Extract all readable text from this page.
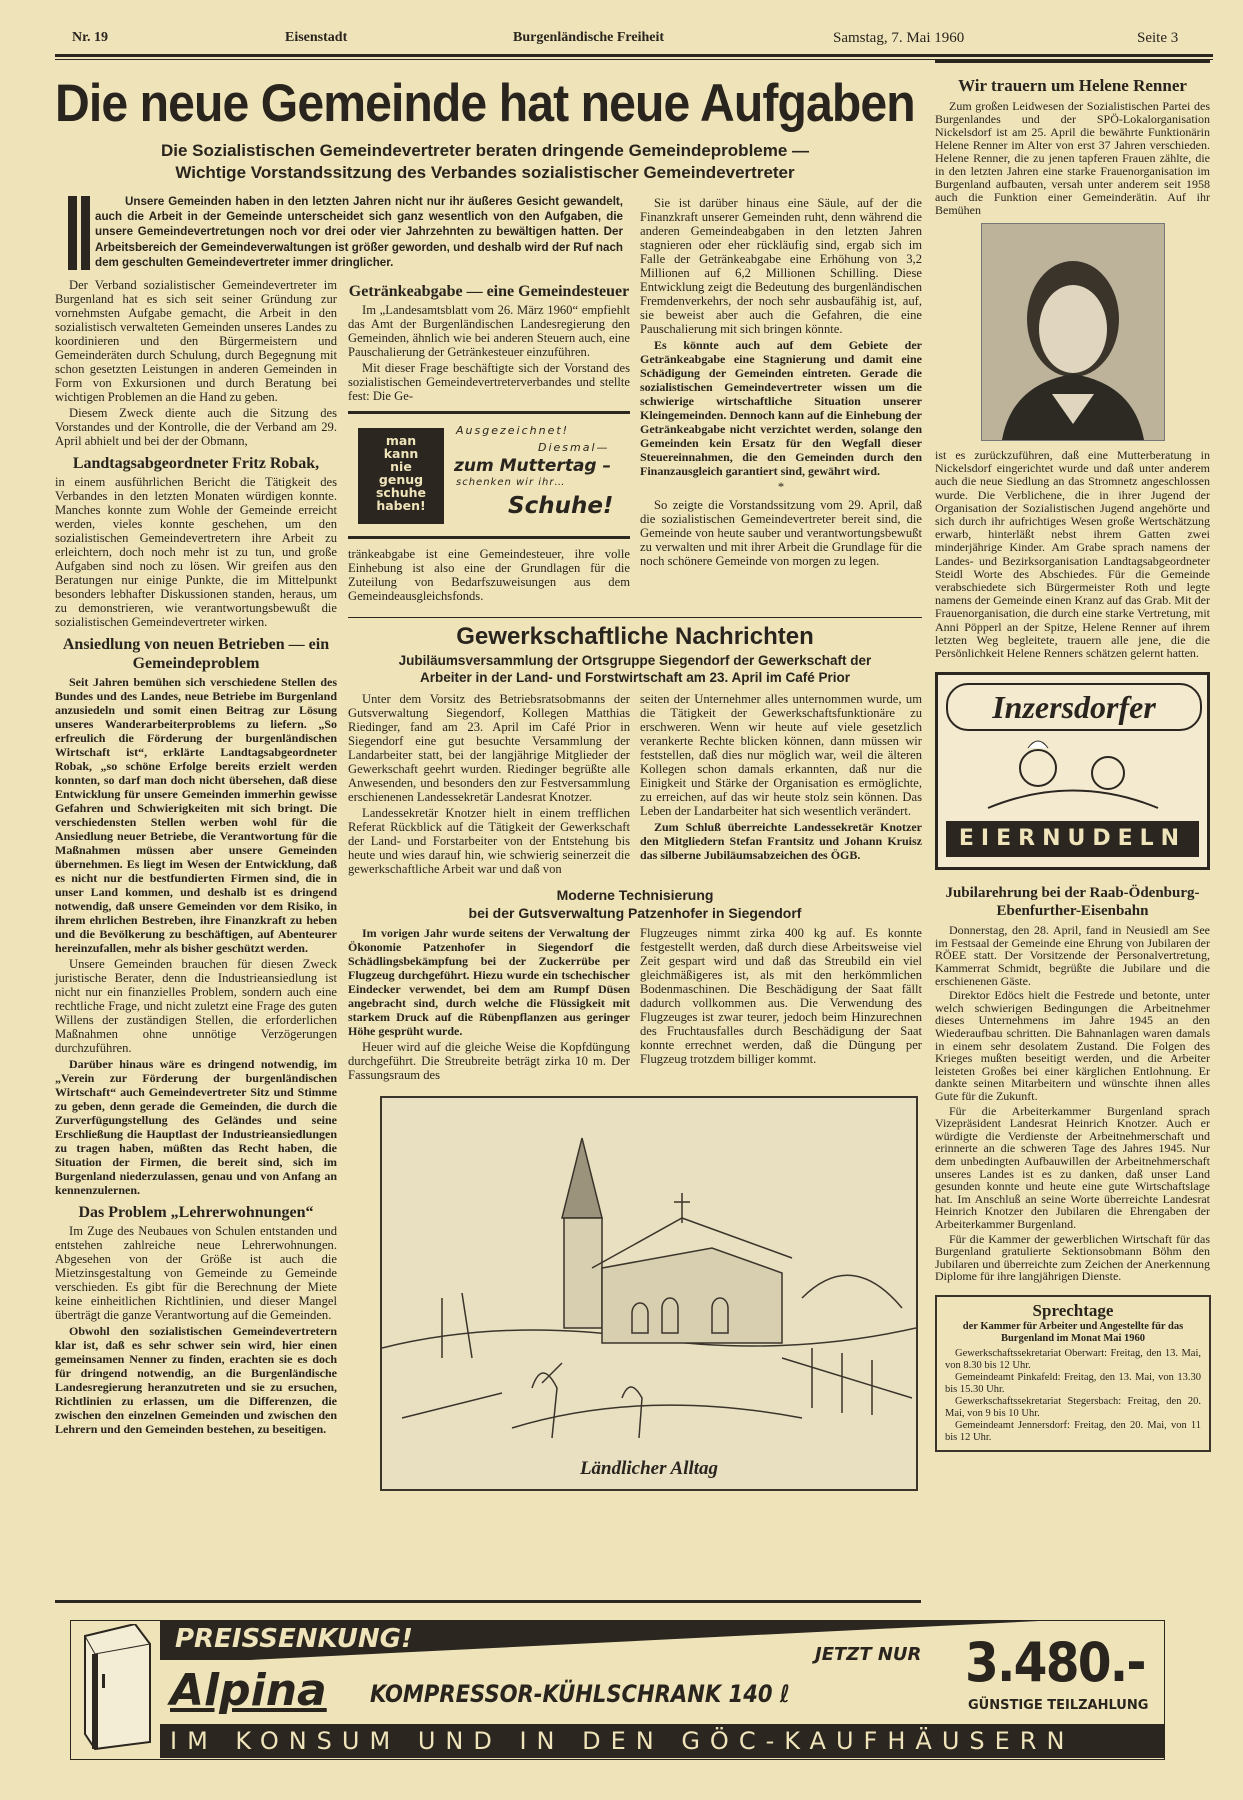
Nr. 19	Eisenstadt	Burgenländische Freiheit	Samstag, 7. Mai 1960	Seite 3
Die neue Gemeinde hat neue Aufgaben
Die Sozialistischen Gemeindevertreter beraten dringende Gemeindeprobleme —
Wichtige Vorstandssitzung des Verbandes sozialistischer Gemeindevertreter
Unsere Gemeinden haben in den letzten Jahren nicht nur ihr äußeres Gesicht gewandelt, auch die Arbeit in der Gemeinde unterscheidet sich ganz wesentlich von den Aufgaben, die unsere Gemeindevertretungen noch vor drei oder vier Jahrzehnten zu bewältigen hatten. Der Arbeitsbereich der Gemeindeverwaltungen ist größer geworden, und deshalb wird der Ruf nach dem geschulten Gemeindevertreter immer dringlicher.

Der Verband sozialistischer Gemeindevertreter im Burgenland hat es sich seit seiner Gründung zur vornehmsten Aufgabe gemacht, die Arbeit in den sozialistisch verwalteten Gemeinden unseres Landes zu koordinieren und den Bürgermeistern und Gemeinderäten durch Schulung, durch Begegnung mit schon gesetzten Leistungen in anderen Gemeinden in Form von Exkursionen und durch Beratung bei wichtigen Problemen an die Hand zu geben.

Diesem Zweck diente auch die Sitzung des Vorstandes und der Kontrolle, die der Verband am 29. April abhielt und bei der der Obmann,

Landtagsabgeordneter Fritz Robak,

in einem ausführlichen Bericht die Tätigkeit des Verbandes in den letzten Monaten würdigen konnte. Manches konnte zum Wohle der Gemeinde erreicht werden, vieles konnte geschehen, um den sozialistischen Gemeindevertretern ihre Arbeit zu erleichtern, doch noch mehr ist zu tun, und große Aufgaben sind noch zu lösen. Wir greifen aus den Beratungen nur einige Punkte, die im Mittelpunkt besonders lebhafter Diskussionen standen, heraus, um zu demonstrieren, wie verantwortungsbewußt die sozialistischen Gemeindevertreter wirken.

Ansiedlung von neuen Betrieben — ein Gemeindeproblem

Seit Jahren bemühen sich verschiedene Stellen des Bundes und des Landes, neue Betriebe im Burgenland anzusiedeln und somit einen Beitrag zur Lösung unseres Wanderarbeiterproblems zu liefern. „So erfreulich die Förderung der burgenländischen Wirtschaft ist“, erklärte Landtagsabgeordneter Robak, „so schöne Erfolge bereits erzielt werden konnten, so darf man doch nicht übersehen, daß diese Entwicklung für unsere Gemeinden immerhin gewisse Gefahren und Schwierigkeiten mit sich bringt. Die verschiedensten Stellen werben wohl für die Ansiedlung neuer Betriebe, die Verantwortung für die Maßnahmen müssen aber unsere Gemeinden übernehmen. Es liegt im Wesen der Entwicklung, daß es nicht nur die bestfundierten Firmen sind, die in unser Land kommen, und deshalb ist es dringend notwendig, daß unsere Gemeinden vor dem Risiko, in ihrem ehrlichen Bestreben, ihre Finanzkraft zu heben und die Bevölkerung zu beschäftigen, auf Abenteurer hereinzufallen, mehr als bisher geschützt werden.

Unsere Gemeinden brauchen für diesen Zweck juristische Berater, denn die Industrieansiedlung ist nicht nur ein finanzielles Problem, sondern auch eine rechtliche Frage, und nicht zuletzt eine Frage des guten Willens der zuständigen Stellen, die erforderlichen Maßnahmen ohne unnötige Verzögerungen durchzuführen.

Darüber hinaus wäre es dringend notwendig, im „Verein zur Förderung der burgenländischen Wirtschaft“ auch Gemeindevertreter Sitz und Stimme zu geben, denn gerade die Gemeinden, die durch die Zurverfügungstellung des Geländes und seine Erschließung die Hauptlast der Industrieansiedlungen zu tragen haben, müßten das Recht haben, die Situation der Firmen, die bereit sind, sich im Burgenland niederzulassen, genau und von Anfang an kennenzulernen.

Das Problem „Lehrerwohnungen“

Im Zuge des Neubaues von Schulen entstanden und entstehen zahlreiche neue Lehrerwohnungen. Abgesehen von der Größe ist auch die Mietzinsgestaltung von Gemeinde zu Gemeinde verschieden. Es gibt für die Berechnung der Miete keine einheitlichen Richtlinien, und dieser Mangel überträgt die ganze Verantwortung auf die Gemeinden.

Obwohl den sozialistischen Gemeindevertretern klar ist, daß es sehr schwer sein wird, hier einen gemeinsamen Nenner zu finden, erachten sie es doch für dringend notwendig, an die Burgenländische Landesregierung heranzutreten und sie zu ersuchen, Richtlinien zu erlassen, um die Differenzen, die zwischen den einzelnen Gemeinden und zwischen den Lehrern und den Gemeinden bestehen, zu beseitigen.

Getränkeabgabe — eine Gemeindesteuer

Im „Landesamtsblatt vom 26. März 1960“ empfiehlt das Amt der Burgenländischen Landesregierung den Gemeinden, ähnlich wie bei anderen Steuern auch, eine Pauschalierung der Getränkesteuer einzuführen.

Mit dieser Frage beschäftigte sich der Vorstand des sozialistischen Gemeindevertreterverbandes und stellte fest: Die Ge-

man
kann
nie
genug
schuhe
haben!
Ausgezeichnet!
Diesmal—
zum Muttertag –
schenken wir ihr…
Schuhe!

tränkeabgabe ist eine Gemeindesteuer, ihre volle Einhebung ist also eine der Grundlagen für die Zuteilung von Bedarfszuweisungen aus dem Gemeindeausgleichsfonds.

Sie ist darüber hinaus eine Säule, auf der die Finanzkraft unserer Gemeinden ruht, denn während die anderen Gemeindeabgaben in den letzten Jahren stagnieren oder eher rückläufig sind, ergab sich im Falle der Getränkeabgabe eine Erhöhung von 3,2 Millionen auf 6,2 Millionen Schilling. Diese Entwicklung zeigt die Bedeutung des burgenländischen Fremdenverkehrs, der noch sehr ausbaufähig ist, auf, sie beweist aber auch die Gefahren, die eine Pauschalierung mit sich bringen könnte.

Es könnte auch auf dem Gebiete der Getränkeabgabe eine Stagnierung und damit eine Schädigung der Gemeinden eintreten. Gerade die sozialistischen Gemeindevertreter wissen um die schwierige wirtschaftliche Situation unserer Kleingemeinden. Dennoch kann auf die Einhebung der Getränkeabgabe nicht verzichtet werden, solange den Gemeinden kein Ersatz für den Wegfall dieser Steuereinnahmen, die den Gemeinden durch den Finanzausgleich garantiert sind, gewährt wird.

*

So zeigte die Vorstandssitzung vom 29. April, daß die sozialistischen Gemeindevertreter bereit sind, die Gemeinde von heute sauber und verantwortungsbewußt zu verwalten und mit ihrer Arbeit die Grundlage für die noch schönere Gemeinde von morgen zu legen.

Gewerkschaftliche Nachrichten
Jubiläumsversammlung der Ortsgruppe Siegendorf der Gewerkschaft der
Arbeiter in der Land- und Forstwirtschaft am 23. April im Café Prior

Unter dem Vorsitz des Betriebsratsobmanns der Gutsverwaltung Siegendorf, Kollegen Matthias Riedinger, fand am 23. April im Café Prior in Siegendorf eine gut besuchte Versammlung der Landarbeiter statt, bei der langjährige Mitglieder der Gewerkschaft geehrt wurden. Riedinger begrüßte alle Anwesenden, und besonders den zur Festversammlung erschienenen Landessekretär Landesrat Knotzer.

Landessekretär Knotzer hielt in einem trefflichen Referat Rückblick auf die Tätigkeit der Gewerkschaft der Land- und Forstarbeiter von der Entstehung bis heute und wies darauf hin, wie schwierig seinerzeit die gewerkschaftliche Arbeit war und daß von

seiten der Unternehmer alles unternommen wurde, um die Tätigkeit der Gewerkschaftsfunktionäre zu erschweren. Wenn wir heute auf viele gesetzlich verankerte Rechte blicken können, dann müssen wir feststellen, daß dies nur möglich war, weil die älteren Kollegen schon damals erkannten, daß nur die Einigkeit und Stärke der Organisation es ermöglichte, zu erreichen, auf das wir heute stolz sein können. Das Leben der Landarbeiter hat sich wesentlich verändert.

Zum Schluß überreichte Landessekretär Knotzer den Mitgliedern Stefan Frantsitz und Johann Kruisz das silberne Jubiläumsabzeichen des ÖGB.

Moderne Technisierung
bei der Gutsverwaltung Patzenhofer in Siegendorf

Im vorigen Jahr wurde seitens der Verwaltung der Ökonomie Patzenhofer in Siegendorf die Schädlingsbekämpfung bei der Zuckerrübe per Flugzeug durchgeführt. Hiezu wurde ein tschechischer Eindecker verwendet, bei dem am Rumpf Düsen angebracht sind, durch welche die Flüssigkeit mit starkem Druck auf die Rübenpflanzen aus geringer Höhe gesprüht wurde.

Heuer wird auf die gleiche Weise die Kopfdüngung durchgeführt. Die Streubreite beträgt zirka 10 m. Der Fassungsraum des

Flugzeuges nimmt zirka 400 kg auf. Es konnte festgestellt werden, daß durch diese Arbeitsweise viel Zeit gespart wird und daß das Streubild ein viel gleichmäßigeres ist, als mit den herkömmlichen Bodenmaschinen. Die Beschädigung der Saat fällt dadurch vollkommen aus. Die Verwendung des Flugzeuges ist zwar teurer, jedoch beim Hinzurechnen des Fruchtausfalles durch Beschädigung der Saat konnte errechnet werden, daß die Düngung per Flugzeug trotzdem billiger kommt.

Ländlicher Alltag
Wir trauern um Helene Renner

Zum großen Leidwesen der Sozialistischen Partei des Burgenlandes und der SPÖ-Lokalorganisation Nickelsdorf ist am 25. April die bewährte Funktionärin Helene Renner im Alter von erst 37 Jahren verschieden. Helene Renner, die zu jenen tapferen Frauen zählte, die in den letzten Jahren eine starke Frauenorganisation im Burgenland aufbauten, versah unter anderem seit 1958 auch die Funktion einer Gemeinderätin. Auf ihr Bemühen

ist es zurückzuführen, daß eine Mutterberatung in Nickelsdorf eingerichtet wurde und daß unter anderem auch die neue Siedlung an das Stromnetz angeschlossen wurde. Die Verblichene, die in ihrer Jugend der Organisation der Sozialistischen Jugend angehörte und sich durch ihr aufrichtiges Wesen große Wertschätzung erwarb, hinterläßt nebst ihrem Gatten zwei minderjährige Kinder. Am Grabe sprach namens der Landes- und Bezirksorganisation Landtagsabgeordneter Steidl Worte des Abschiedes. Für die Gemeinde verabschiedete sich Bürgermeister Roth und legte namens der Gemeinde einen Kranz auf das Grab. Mit der Frauenorganisation, die durch eine starke Vertretung, mit Anni Pöpperl an der Spitze, Helene Renner auf ihrem letzten Weg begleitete, trauern alle jene, die die Persönlichkeit Helene Renners schätzen gelernt hatten.

Inzersdorfer
EIERNUDELN
Jubilarehrung bei der Raab-Ödenburg-Ebenfurther-Eisenbahn

Donnerstag, den 28. April, fand in Neusiedl am See im Festsaal der Gemeinde eine Ehrung von Jubilaren der RÖEE statt. Der Vorsitzende der Personalvertretung, Kammerrat Schmidt, begrüßte die Jubilare und die erschienenen Gäste.

Direktor Edöcs hielt die Festrede und betonte, unter welch schwierigen Bedingungen die Arbeitnehmer dieses Unternehmens im Jahre 1945 an den Wiederaufbau schritten. Die Bahnanlagen waren damals in einem sehr desolatem Zustand. Die Folgen des Krieges mußten beseitigt werden, und die Arbeiter leisteten Großes bei einer kärglichen Entlohnung. Er dankte seinen Mitarbeitern und wünschte ihnen alles Gute für die Zukunft.

Für die Arbeiterkammer Burgenland sprach Vizepräsident Landesrat Heinrich Knotzer. Auch er würdigte die Verdienste der Arbeitnehmerschaft und erinnerte an die schweren Tage des Jahres 1945. Nur dem unbedingten Aufbauwillen der Arbeitnehmerschaft unseres Landes ist es zu danken, daß unser Land gesunden konnte und heute eine gute Wirtschaftslage hat. Im Anschluß an seine Worte überreichte Landesrat Heinrich Knotzer den Jubilaren die Ehrengaben der Arbeiterkammer Burgenland.

Für die Kammer der gewerblichen Wirtschaft für das Burgenland gratulierte Sektionsobmann Böhm den Jubilaren und überreichte zum Zeichen der Anerkennung Diplome für ihre langjährigen Dienste.

Sprechtage
der Kammer für Arbeiter und Angestellte für das Burgenland im Monat Mai 1960
Gewerkschaftssekretariat Oberwart: Freitag, den 13. Mai, von 8.30 bis 12 Uhr.
Gemeindeamt Pinkafeld: Freitag, den 13. Mai, von 13.30 bis 15.30 Uhr.
Gewerkschaftssekretariat Stegersbach: Freitag, den 20. Mai, von 9 bis 10 Uhr.
Gemeindeamt Jennersdorf: Freitag, den 20. Mai, von 11 bis 12 Uhr.
PREISSENKUNG!
Alpina KOMPRESSOR-KÜHLSCHRANK 140 ℓ
JETZT NUR 3.480.-
GÜNSTIGE TEILZAHLUNG
IM KONSUM UND IN DEN GÖC-KAUFHÄUSERN
